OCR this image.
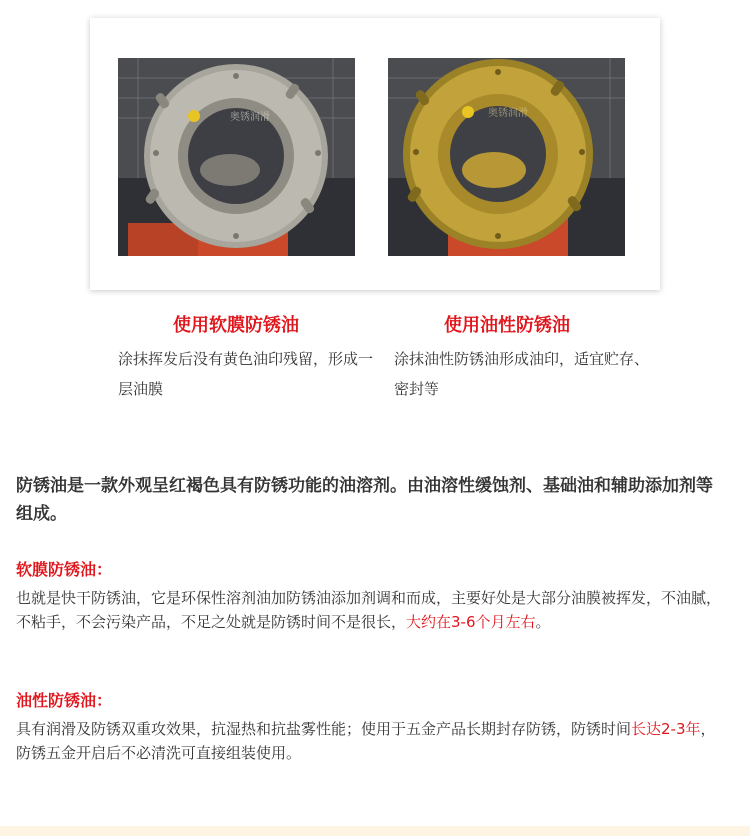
奥锈润滑	奥锈润滑

使用软膜防锈油

涂抹挥发后没有黄色油印残留，形成一层油膜

使用油性防锈油

涂抹油性防锈油形成油印，适宜贮存、密封等

防锈油是一款外观呈红褐色具有防锈功能的油溶剂。由油溶性缓蚀剂、基础油和辅助添加剂等组成。

软膜防锈油：

也就是快干防锈油，它是环保性溶剂油加防锈油添加剂调和而成，主要好处是大部分油膜被挥发，不油腻，不粘手，不会污染产品，不足之处就是防锈时间不是很长，大约在3-6个月左右。

油性防锈油：

具有润滑及防锈双重攻效果，抗湿热和抗盐雾性能；使用于五金产品长期封存防锈，防锈时间长达2-3年，防锈五金开启后不必清洗可直接组装使用。
